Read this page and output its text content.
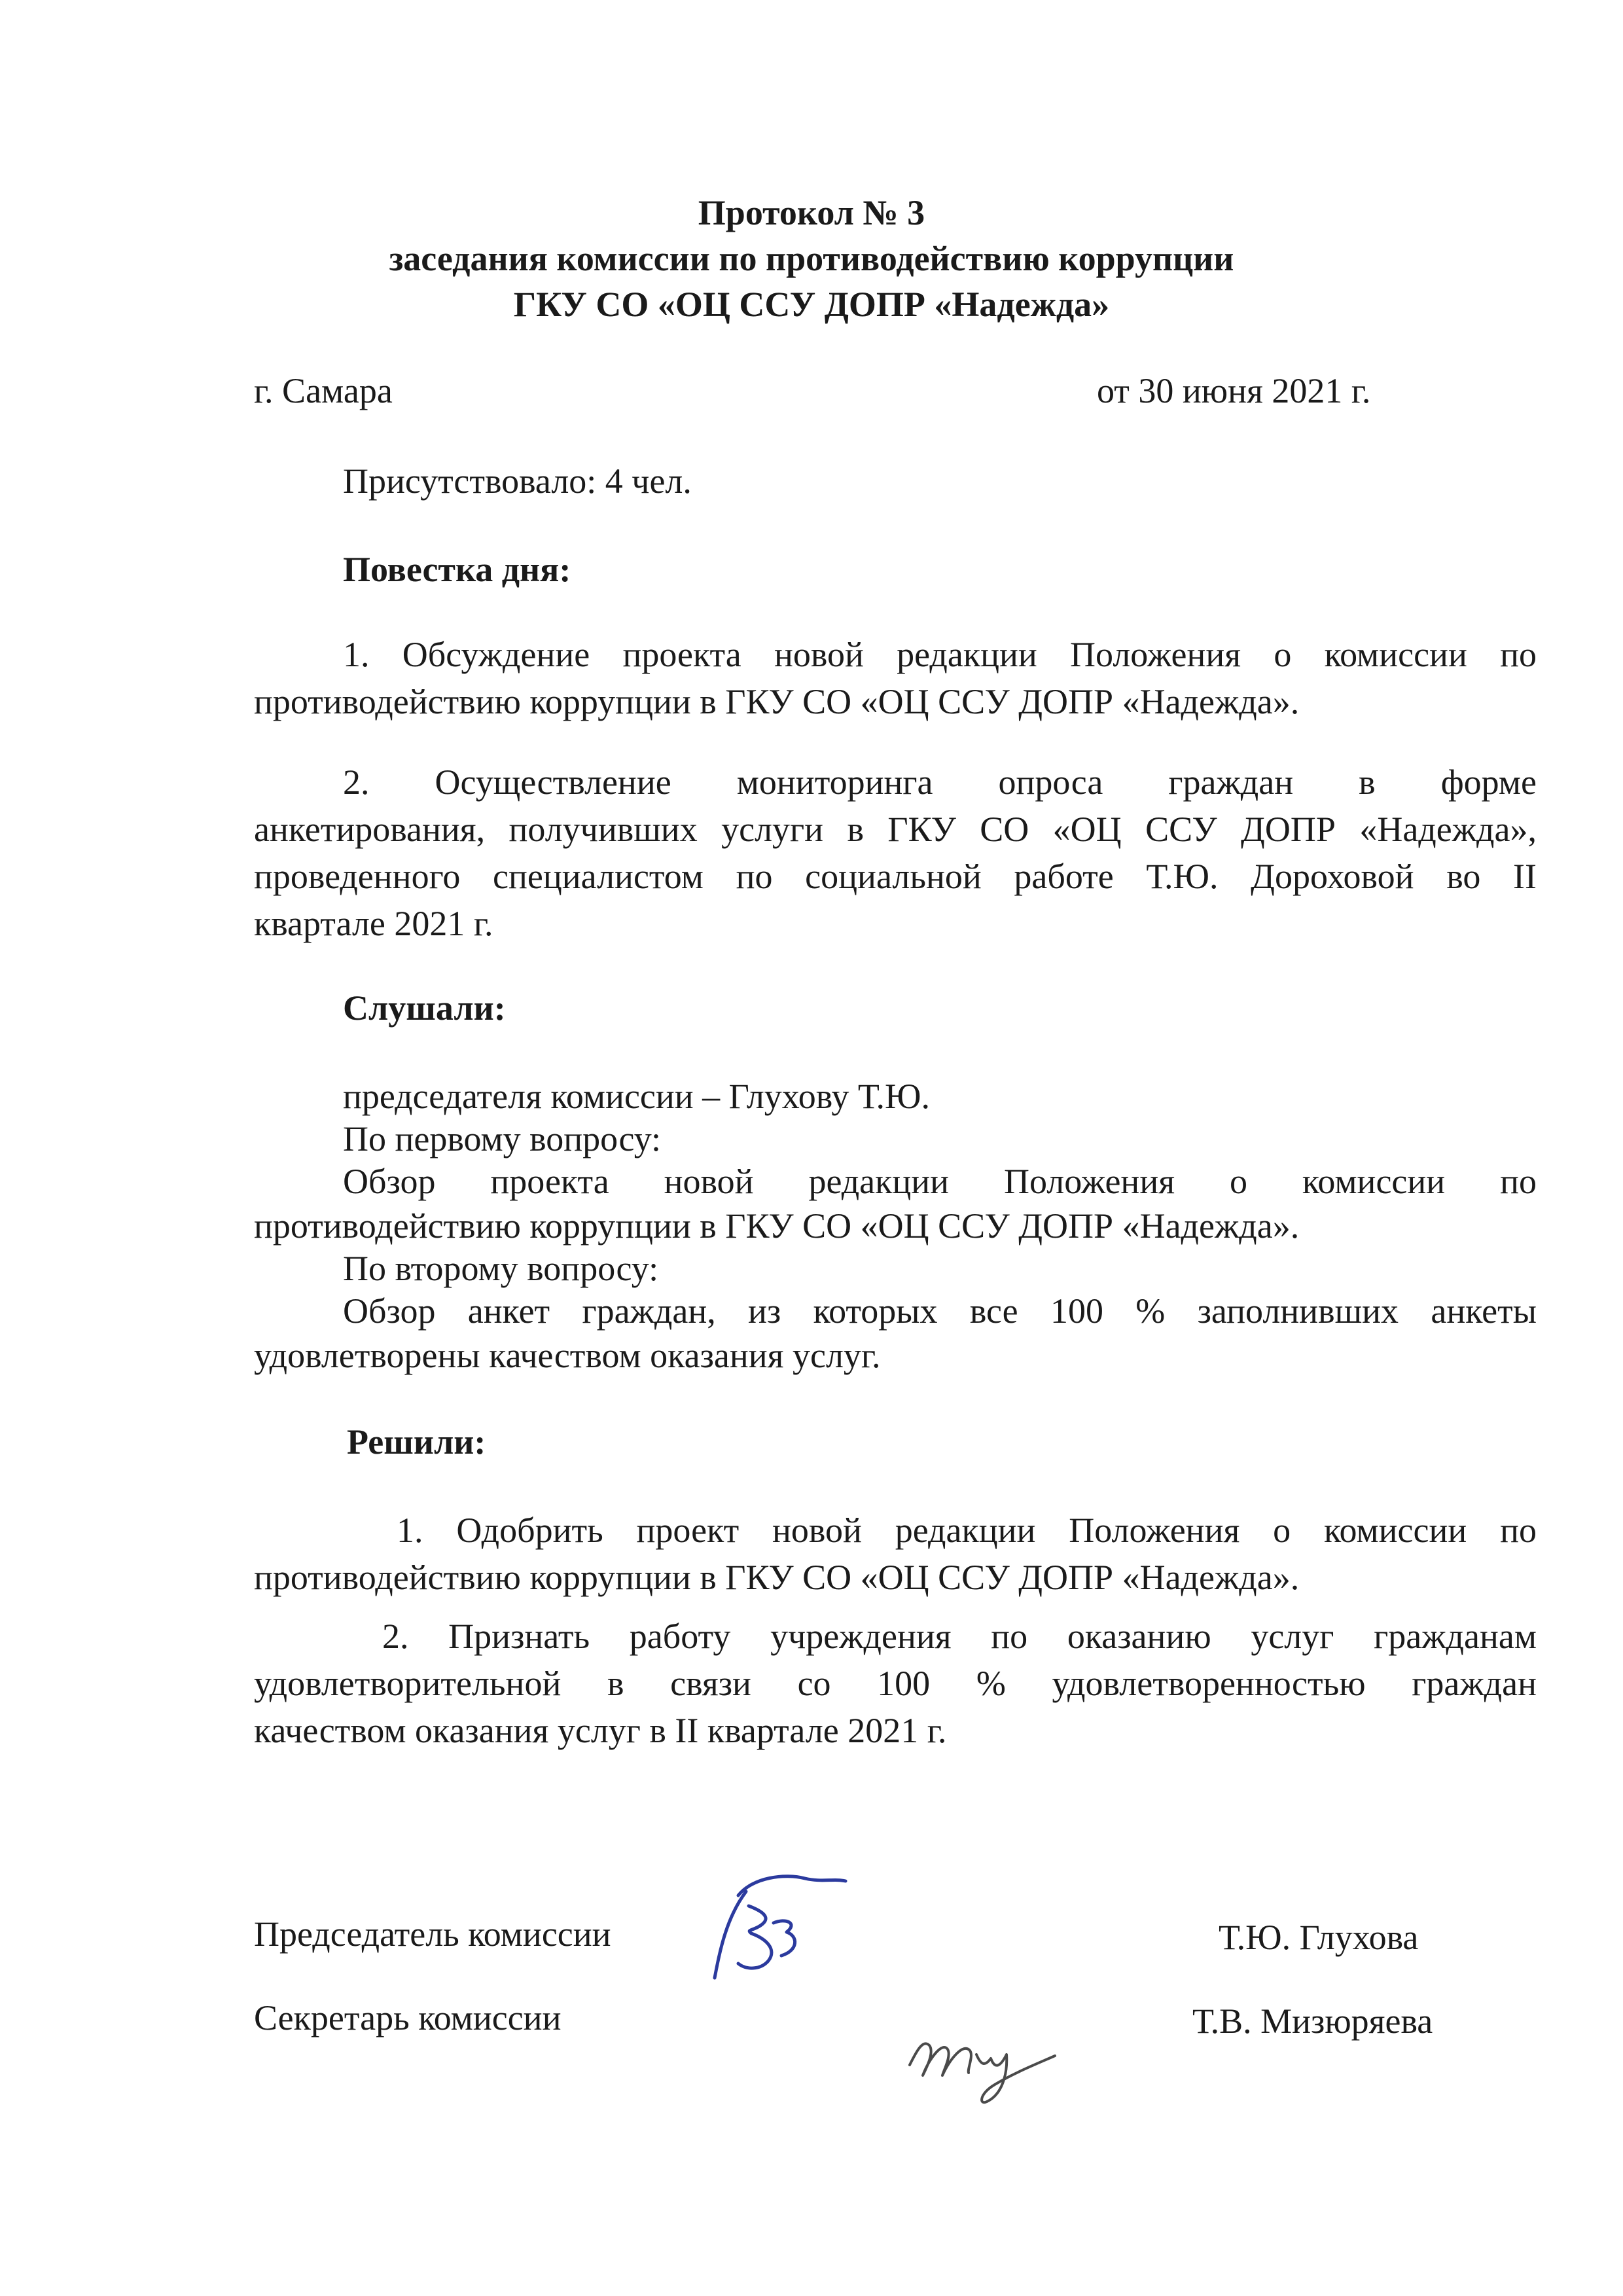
Протокол № 3
заседания комиссии по противодействию коррупции
ГКУ СО «ОЦ ССУ ДОПР «Надежда»
г. Самара	от 30 июня 2021 г.
Присутствовало: 4 чел.
Повестка дня:
1. Обсуждение проекта новой редакции Положения о комиссии по
противодействию коррупции в ГКУ СО «ОЦ ССУ ДОПР «Надежда».
2. Осуществление мониторинга опроса граждан в форме
анкетирования, получивших услуги в ГКУ СО «ОЦ ССУ ДОПР «Надежда»,
проведенного специалистом по социальной работе Т.Ю. Дороховой во II
квартале 2021 г.
Слушали:
председателя комиссии – Глухову Т.Ю.
По первому вопросу:
Обзор проекта новой редакции Положения о комиссии по
противодействию коррупции в ГКУ СО «ОЦ ССУ ДОПР «Надежда».
По второму вопросу:
Обзор анкет граждан, из которых все 100 % заполнивших анкеты
удовлетворены качеством оказания услуг.
Решили:
1. Одобрить проект новой редакции Положения о комиссии по
противодействию коррупции в ГКУ СО «ОЦ ССУ ДОПР «Надежда».
2. Признать работу учреждения по оказанию услуг гражданам
удовлетворительной в связи со 100 % удовлетворенностью граждан
качеством оказания услуг в II квартале 2021 г.
Председатель комиссии	Т.Ю. Глухова
Секретарь комиссии	Т.В. Мизюряева
